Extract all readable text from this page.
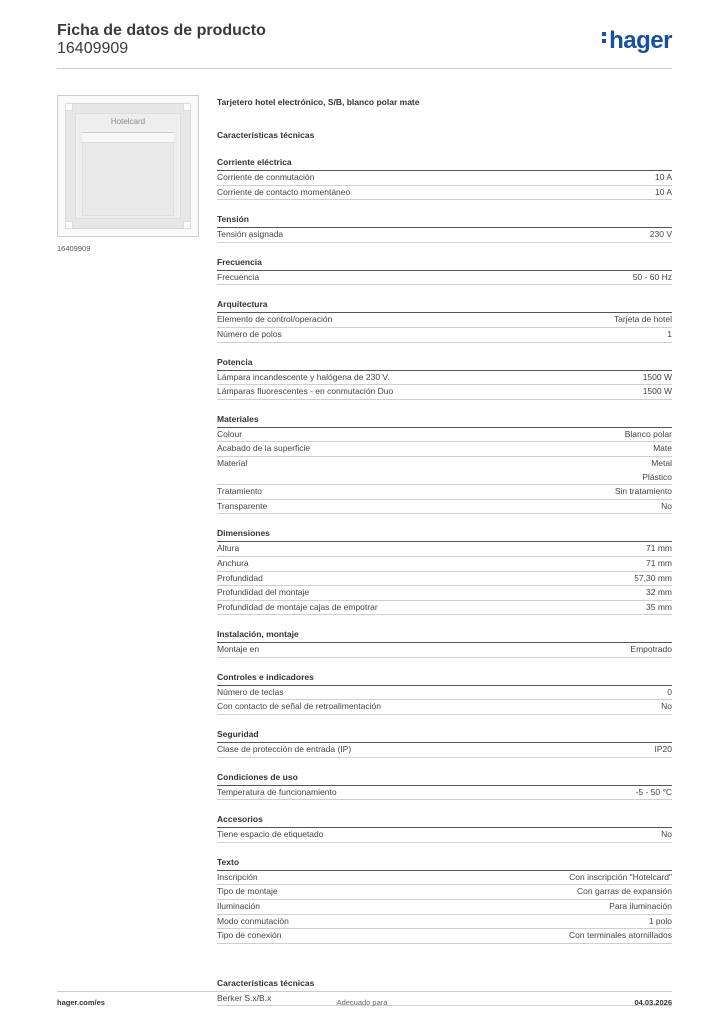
Ficha de datos de producto
16409909	hager
Hotelcard
16409909
Tarjetero hotel electrónico, S/B, blanco polar mate
Características técnicas
Corriente eléctrica
Corriente de conmutación	10 A
Corriente de contacto momentáneo	10 A
Tensión
Tensión asignada	230 V
Frecuencia
Frecuencia	50 - 60 Hz
Arquitectura
Elemento de control/operación	Tarjeta de hotel
Número de polos	1
Potencia
Lámpara incandescente y halógena de 230 V.	1500 W
Lámparas fluorescentes - en conmutación Duo	1500 W
Materiales
Colour	Blanco polar
Acabado de la superficie	Mate
Material	Metal
Plástico
Tratamiento	Sin tratamiento
Transparente	No
Dimensiones
Altura	71 mm
Anchura	71 mm
Profundidad	57,30 mm
Profundidad del montaje	32 mm
Profundidad de montaje cajas de empotrar	35 mm
Instalación, montaje
Montaje en	Empotrado
Controles e indicadores
Número de teclas	0
Con contacto de señal de retroalimentación	No
Seguridad
Clase de protección de entrada (IP)	IP20
Condiciones de uso
Temperatura de funcionamiento	-5 - 50 °C
Accesorios
Tiene espacio de etiquetado	No
Texto
Inscripción	Con inscripción "Hotelcard"
Tipo de montaje	Con garras de expansión
Iluminación	Para iluminación
Modo conmutación	1 polo
Tipo de conexión	Con terminales atornillados
Características técnicas
Berker S.x/B.x
hager.com/es	Adecuado para	04.03.2026
